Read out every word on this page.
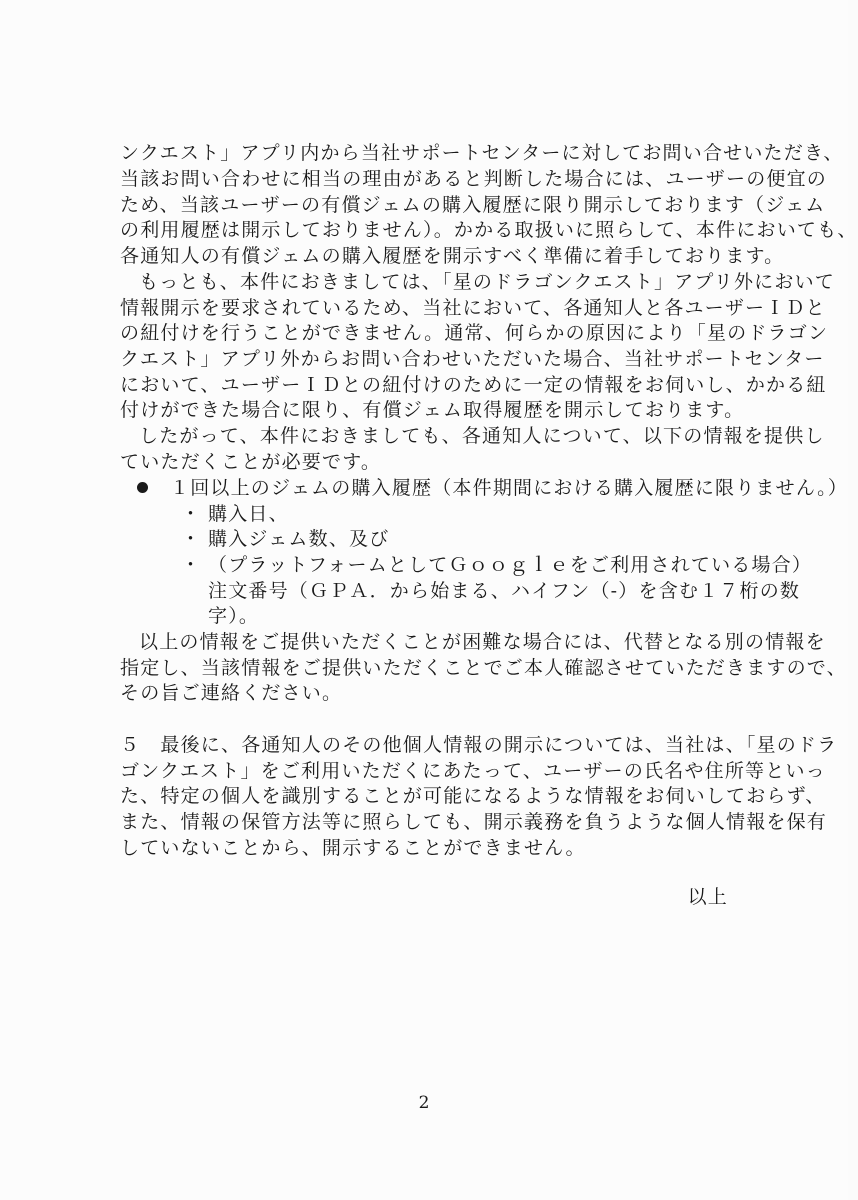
ンクエスト」アプリ内から当社サポートセンターに対してお問い合せいただき、
当該お問い合わせに相当の理由があると判断した場合には、ユーザーの便宜の
ため、当該ユーザーの有償ジェムの購入履歴に限り開示しております（ジェム
の利用履歴は開示しておりません）。かかる取扱いに照らして、本件においても、
各通知人の有償ジェムの購入履歴を開示すべく準備に着手しております。
もっとも、本件におきましては、「星のドラゴンクエスト」アプリ外において
情報開示を要求されているため、当社において、各通知人と各ユーザーＩＤと
の紐付けを行うことができません。通常、何らかの原因により「星のドラゴン
クエスト」アプリ外からお問い合わせいただいた場合、当社サポートセンター
において、ユーザーＩＤとの紐付けのために一定の情報をお伺いし、かかる紐
付けができた場合に限り、有償ジェム取得履歴を開示しております。
したがって、本件におきましても、各通知人について、以下の情報を提供し
ていただくことが必要です。
１回以上のジェムの購入履歴（本件期間における購入履歴に限りません。）
・ 購入日、
・ 購入ジェム数、及び
・ （プラットフォームとしてＧｏｏｇｌｅをご利用されている場合）
注文番号（ＧＰＡ．から始まる、ハイフン（-）を含む１７桁の数
字）。
以上の情報をご提供いただくことが困難な場合には、代替となる別の情報を
指定し、当該情報をご提供いただくことでご本人確認させていただきますので、
その旨ご連絡ください。
５　最後に、各通知人のその他個人情報の開示については、当社は、「星のドラ
ゴンクエスト」をご利用いただくにあたって、ユーザーの氏名や住所等といっ
た、特定の個人を識別することが可能になるような情報をお伺いしておらず、
また、情報の保管方法等に照らしても、開示義務を負うような個人情報を保有
していないことから、開示することができません。
以上
2
